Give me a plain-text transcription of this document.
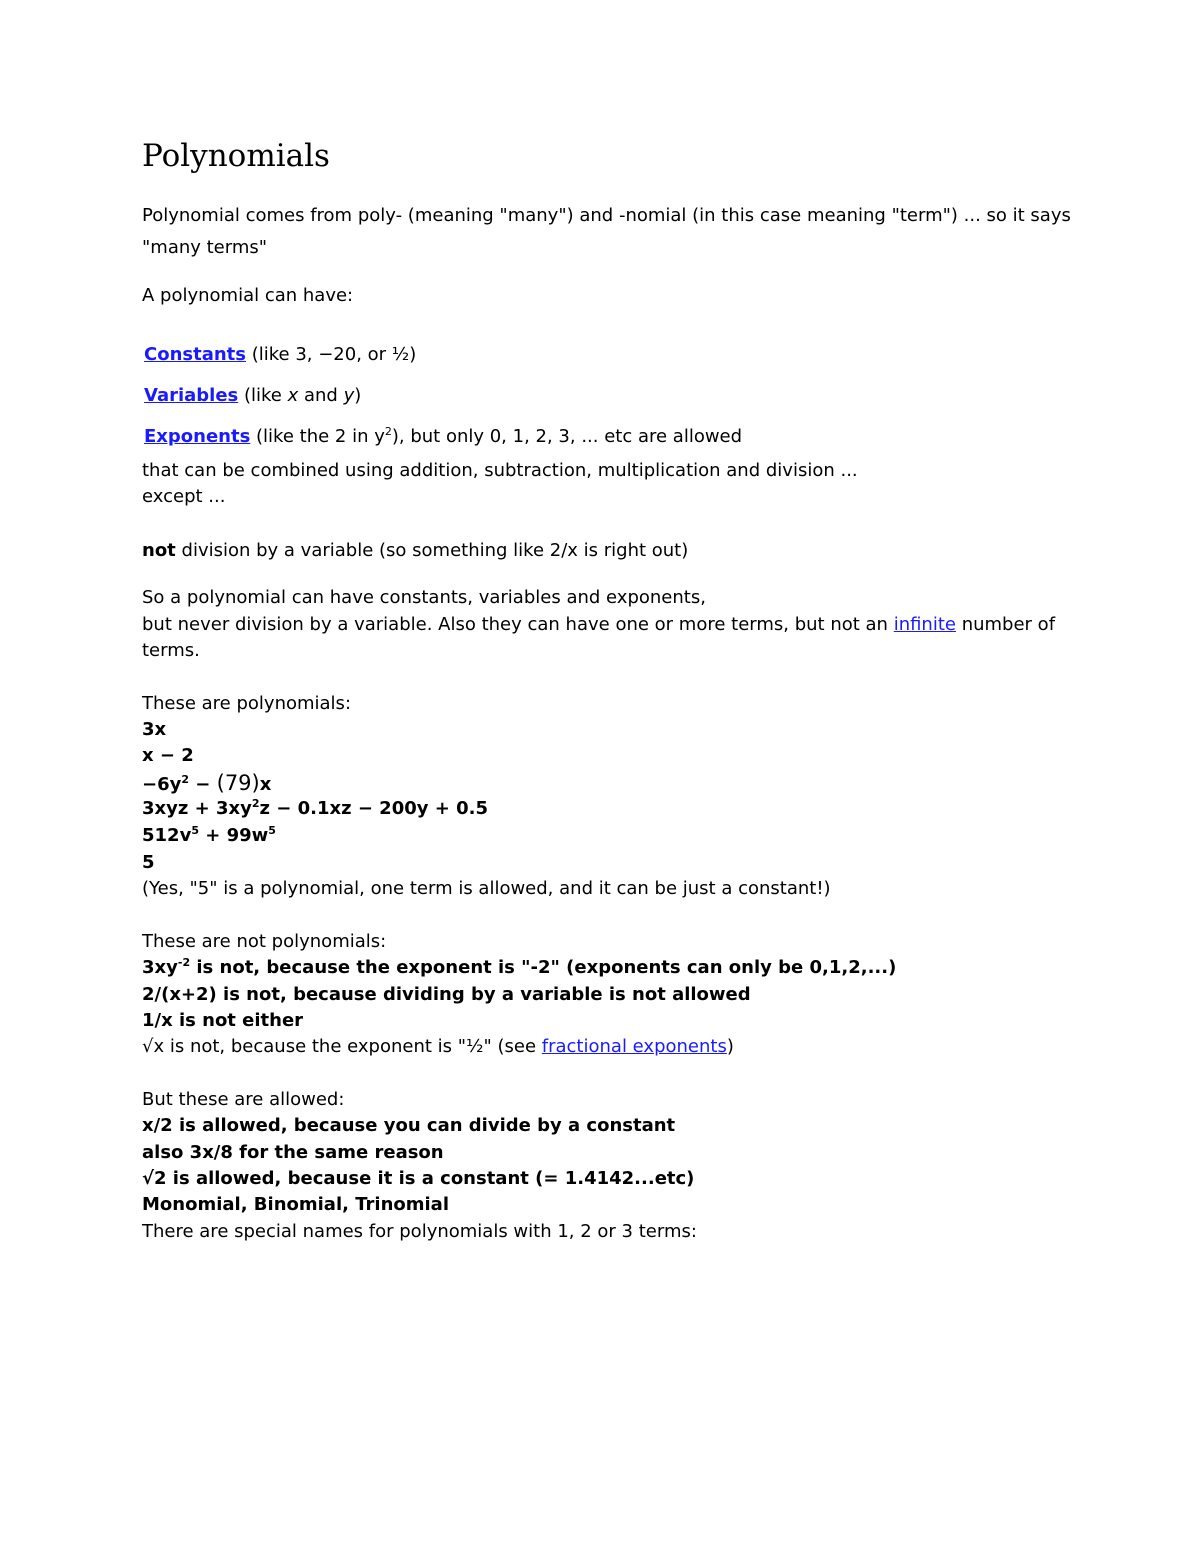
Polynomials
Polynomial comes from poly- (meaning "many") and -nomial (in this case meaning "term") ... so it says
"many terms"
A polynomial can have:
Constants (like 3, −20, or ½)
Variables (like x and y)
Exponents (like the 2 in $y^2$), but only 0, 1, 2, 3, ... etc are allowed
that can be combined using addition, subtraction, multiplication and division ...
except ...
not division by a variable (so something like 2/x is right out)
So a polynomial can have constants, variables and exponents,
but never division by a variable. Also they can have one or more terms, but not an infinite number of
terms.
These are polynomials:
3x
x − 2
$-6y^2 - (79)x$
$3xyz + 3xy^2z - 0.1xz - 200y + 0.5$
$512v^5 + 99w^5$
5
(Yes, "5" is a polynomial, one term is allowed, and it can be just a constant!)
These are not polynomials:
$3xy^{-2}$ is not, because the exponent is "-2" (exponents can only be 0,1,2,...)
2/(x+2) is not, because dividing by a variable is not allowed
1/x is not either
√x is not, because the exponent is "½" (see fractional exponents)
But these are allowed:
x/2 is allowed, because you can divide by a constant
also 3x/8 for the same reason
√2 is allowed, because it is a constant (= 1.4142...etc)
Monomial, Binomial, Trinomial
There are special names for polynomials with 1, 2 or 3 terms:
